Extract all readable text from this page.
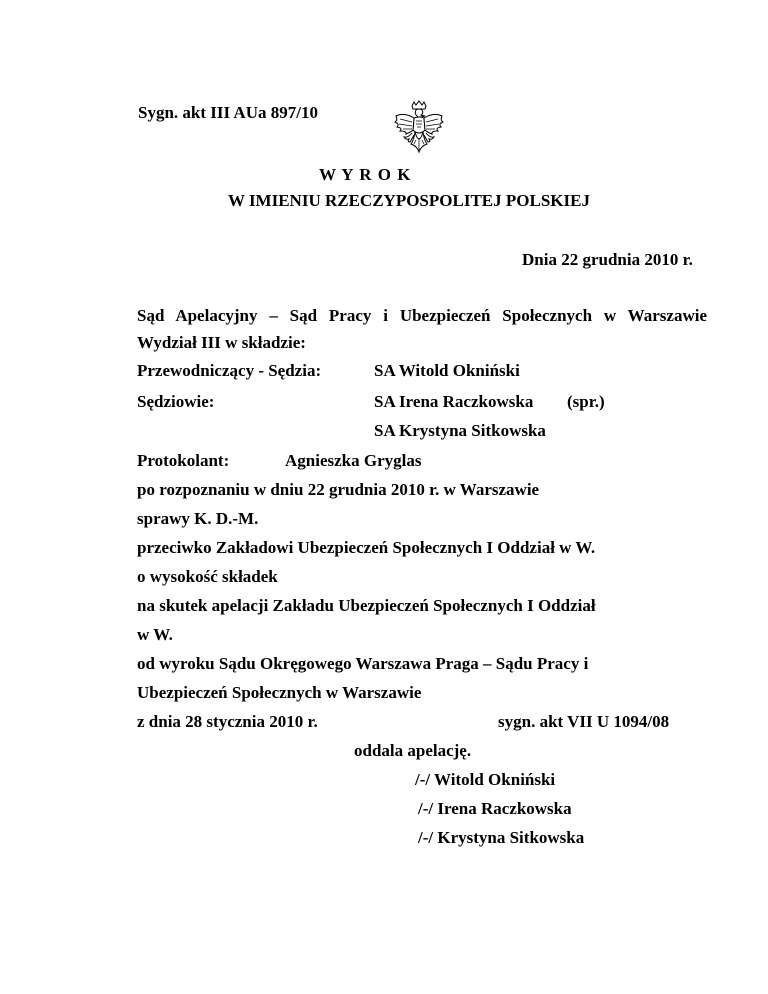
Sygn. akt III AUa 897/10
W Y R O K
W IMIENIU RZECZYPOSPOLITEJ POLSKIEJ
Dnia 22 grudnia 2010 r.
Sąd Apelacyjny – Sąd Pracy i Ubezpieczeń Społecznych w Warszawie
Wydział III w składzie:
Przewodniczący - Sędzia:	SA Witold Okniński
Sędziowie:	SA Irena Raczkowska (spr.)
SA Krystyna Sitkowska
Protokolant:	Agnieszka Gryglas
po rozpoznaniu w dniu 22 grudnia 2010 r. w Warszawie
sprawy K. D.-M.
przeciwko Zakładowi Ubezpieczeń Społecznych I Oddział w W.
o wysokość składek
na skutek apelacji Zakładu Ubezpieczeń Społecznych I Oddział
w W.
od wyroku Sądu Okręgowego Warszawa Praga – Sądu Pracy i
Ubezpieczeń Społecznych w Warszawie
z dnia 28 stycznia 2010 r.	sygn. akt VII U 1094/08
oddala apelację.
/-/ Witold Okniński
/-/ Irena Raczkowska
/-/ Krystyna Sitkowska
